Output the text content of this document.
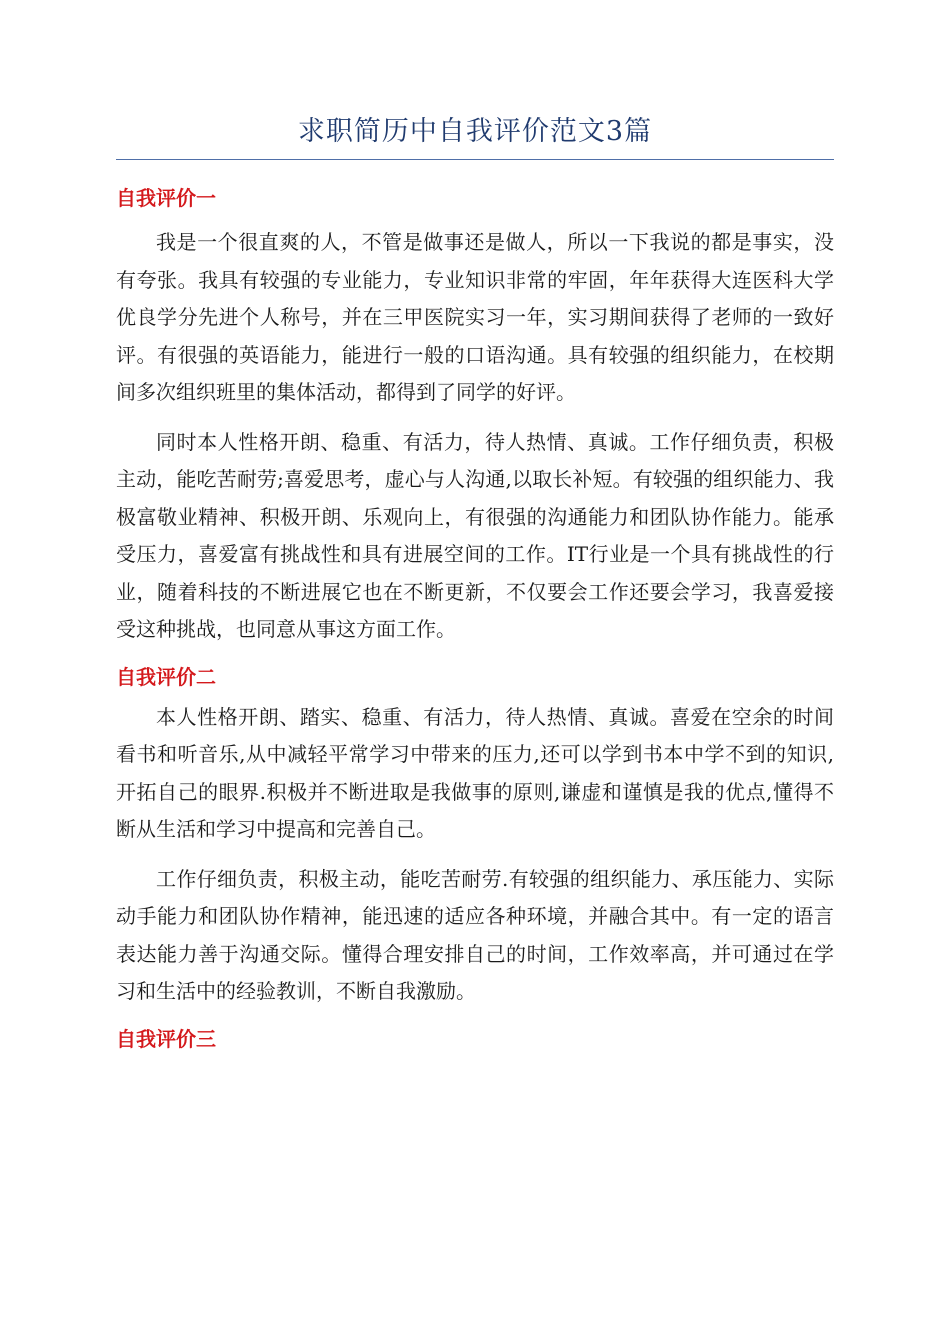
求职简历中自我评价范文3篇
自我评价一

我是一个很直爽的人，不管是做事还是做人，所以一下我说的都是事实，没有夸张。我具有较强的专业能力，专业知识非常的牢固，年年获得大连医科大学优良学分先进个人称号，并在三甲医院实习一年，实习期间获得了老师的一致好评。有很强的英语能力，能进行一般的口语沟通。具有较强的组织能力，在校期间多次组织班里的集体活动，都得到了同学的好评。

同时本人性格开朗、稳重、有活力，待人热情、真诚。工作仔细负责，积极主动，能吃苦耐劳;喜爱思考，虚心与人沟通,以取长补短。有较强的组织能力、我极富敬业精神、积极开朗、乐观向上，有很强的沟通能力和团队协作能力。能承受压力，喜爱富有挑战性和具有进展空间的工作。IT行业是一个具有挑战性的行业，随着科技的不断进展它也在不断更新，不仅要会工作还要会学习，我喜爱接受这种挑战，也同意从事这方面工作。

自我评价二

本人性格开朗、踏实、稳重、有活力，待人热情、真诚。喜爱在空余的时间看书和听音乐,从中减轻平常学习中带来的压力,还可以学到书本中学不到的知识,开拓自己的眼界.积极并不断进取是我做事的原则,谦虚和谨慎是我的优点,懂得不断从生活和学习中提高和完善自己。

工作仔细负责，积极主动，能吃苦耐劳.有较强的组织能力、承压能力、实际动手能力和团队协作精神，能迅速的适应各种环境，并融合其中。有一定的语言表达能力善于沟通交际。懂得合理安排自己的时间，工作效率高，并可通过在学习和生活中的经验教训，不断自我激励。

自我评价三
